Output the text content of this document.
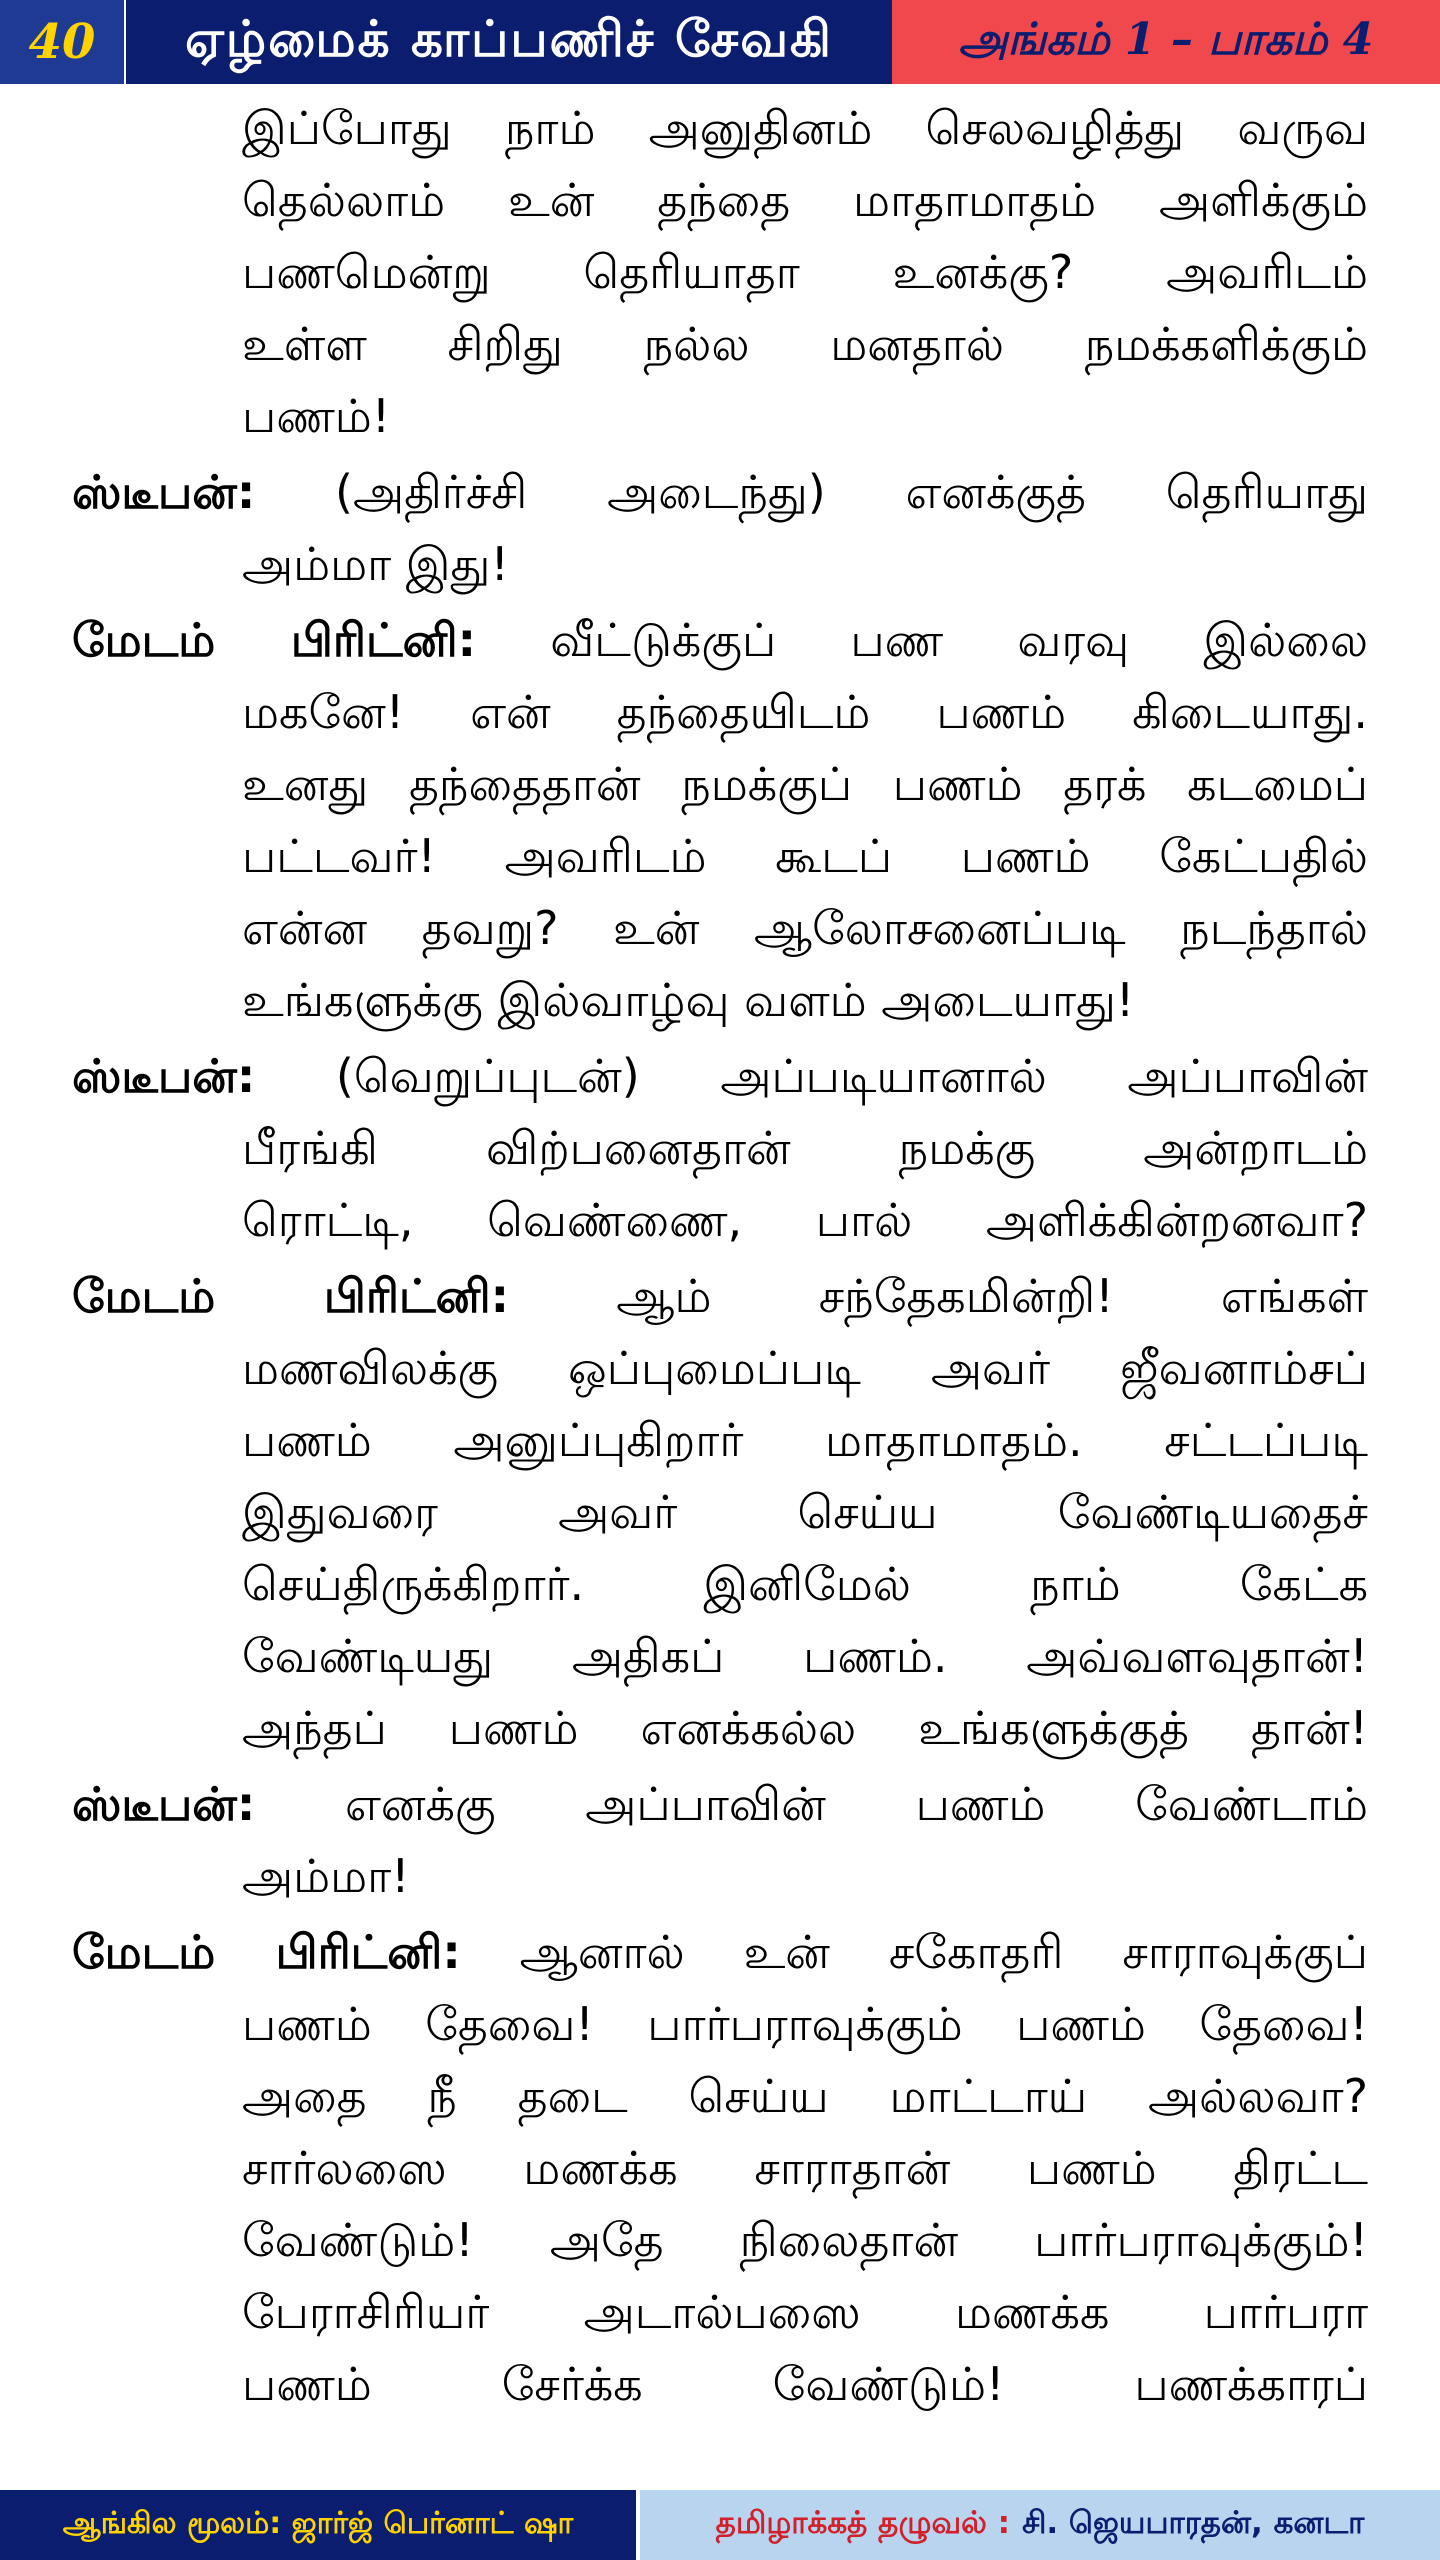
40	ஏழ்மைக் காப்பணிச் சேவகி	அங்கம் 1 – பாகம் 4
இப்போது நாம் அனுதினம் செலவழித்து வருவ
தெல்லாம் உன் தந்தை மாதாமாதம் அளிக்கும்
பணமென்று தெரியாதா உனக்கு? அவரிடம்
உள்ள சிறிது நல்ல மனதால் நமக்களிக்கும்
பணம்!
ஸ்டீபன்: (அதிர்ச்சி அடைந்து) எனக்குத் தெரியாது
அம்மா இது!
மேடம் பிரிட்னி: வீட்டுக்குப் பண வரவு இல்லை
மகனே! என் தந்தையிடம் பணம் கிடையாது.
உனது தந்தைதான் நமக்குப் பணம் தரக் கடமைப்
பட்டவர்! அவரிடம் கூடப் பணம் கேட்பதில்
என்ன தவறு? உன் ஆலோசனைப்படி நடந்தால்
உங்களுக்கு இல்வாழ்வு வளம் அடையாது!
ஸ்டீபன்: (வெறுப்புடன்) அப்படியானால் அப்பாவின்
பீரங்கி விற்பனைதான் நமக்கு அன்றாடம்
ரொட்டி, வெண்ணை, பால் அளிக்கின்றனவா?
மேடம் பிரிட்னி: ஆம் சந்தேகமின்றி! எங்கள்
மணவிலக்கு ஒப்புமைப்படி அவர் ஜீவனாம்சப்
பணம் அனுப்புகிறார் மாதாமாதம். சட்டப்படி
இதுவரை அவர் செய்ய வேண்டியதைச்
செய்திருக்கிறார். இனிமேல் நாம் கேட்க
வேண்டியது அதிகப் பணம். அவ்வளவுதான்!
அந்தப் பணம் எனக்கல்ல உங்களுக்குத் தான்!
ஸ்டீபன்: எனக்கு அப்பாவின் பணம் வேண்டாம்
அம்மா!
மேடம் பிரிட்னி: ஆனால் உன் சகோதரி சாராவுக்குப்
பணம் தேவை! பார்பராவுக்கும் பணம் தேவை!
அதை நீ தடை செய்ய மாட்டாய் அல்லவா?
சார்லஸை மணக்க சாராதான் பணம் திரட்ட
வேண்டும்! அதே நிலைதான் பார்பராவுக்கும்!
பேராசிரியர் அடால்பஸை மணக்க பார்பரா
பணம் சேர்க்க வேண்டும்! பணக்காரப்
ஆங்கில மூலம்:
ஜார்ஜ் பெர்னாட் ஷா	தமிழாக்கத் தழுவல் : சி. ஜெயபாரதன், கனடா
